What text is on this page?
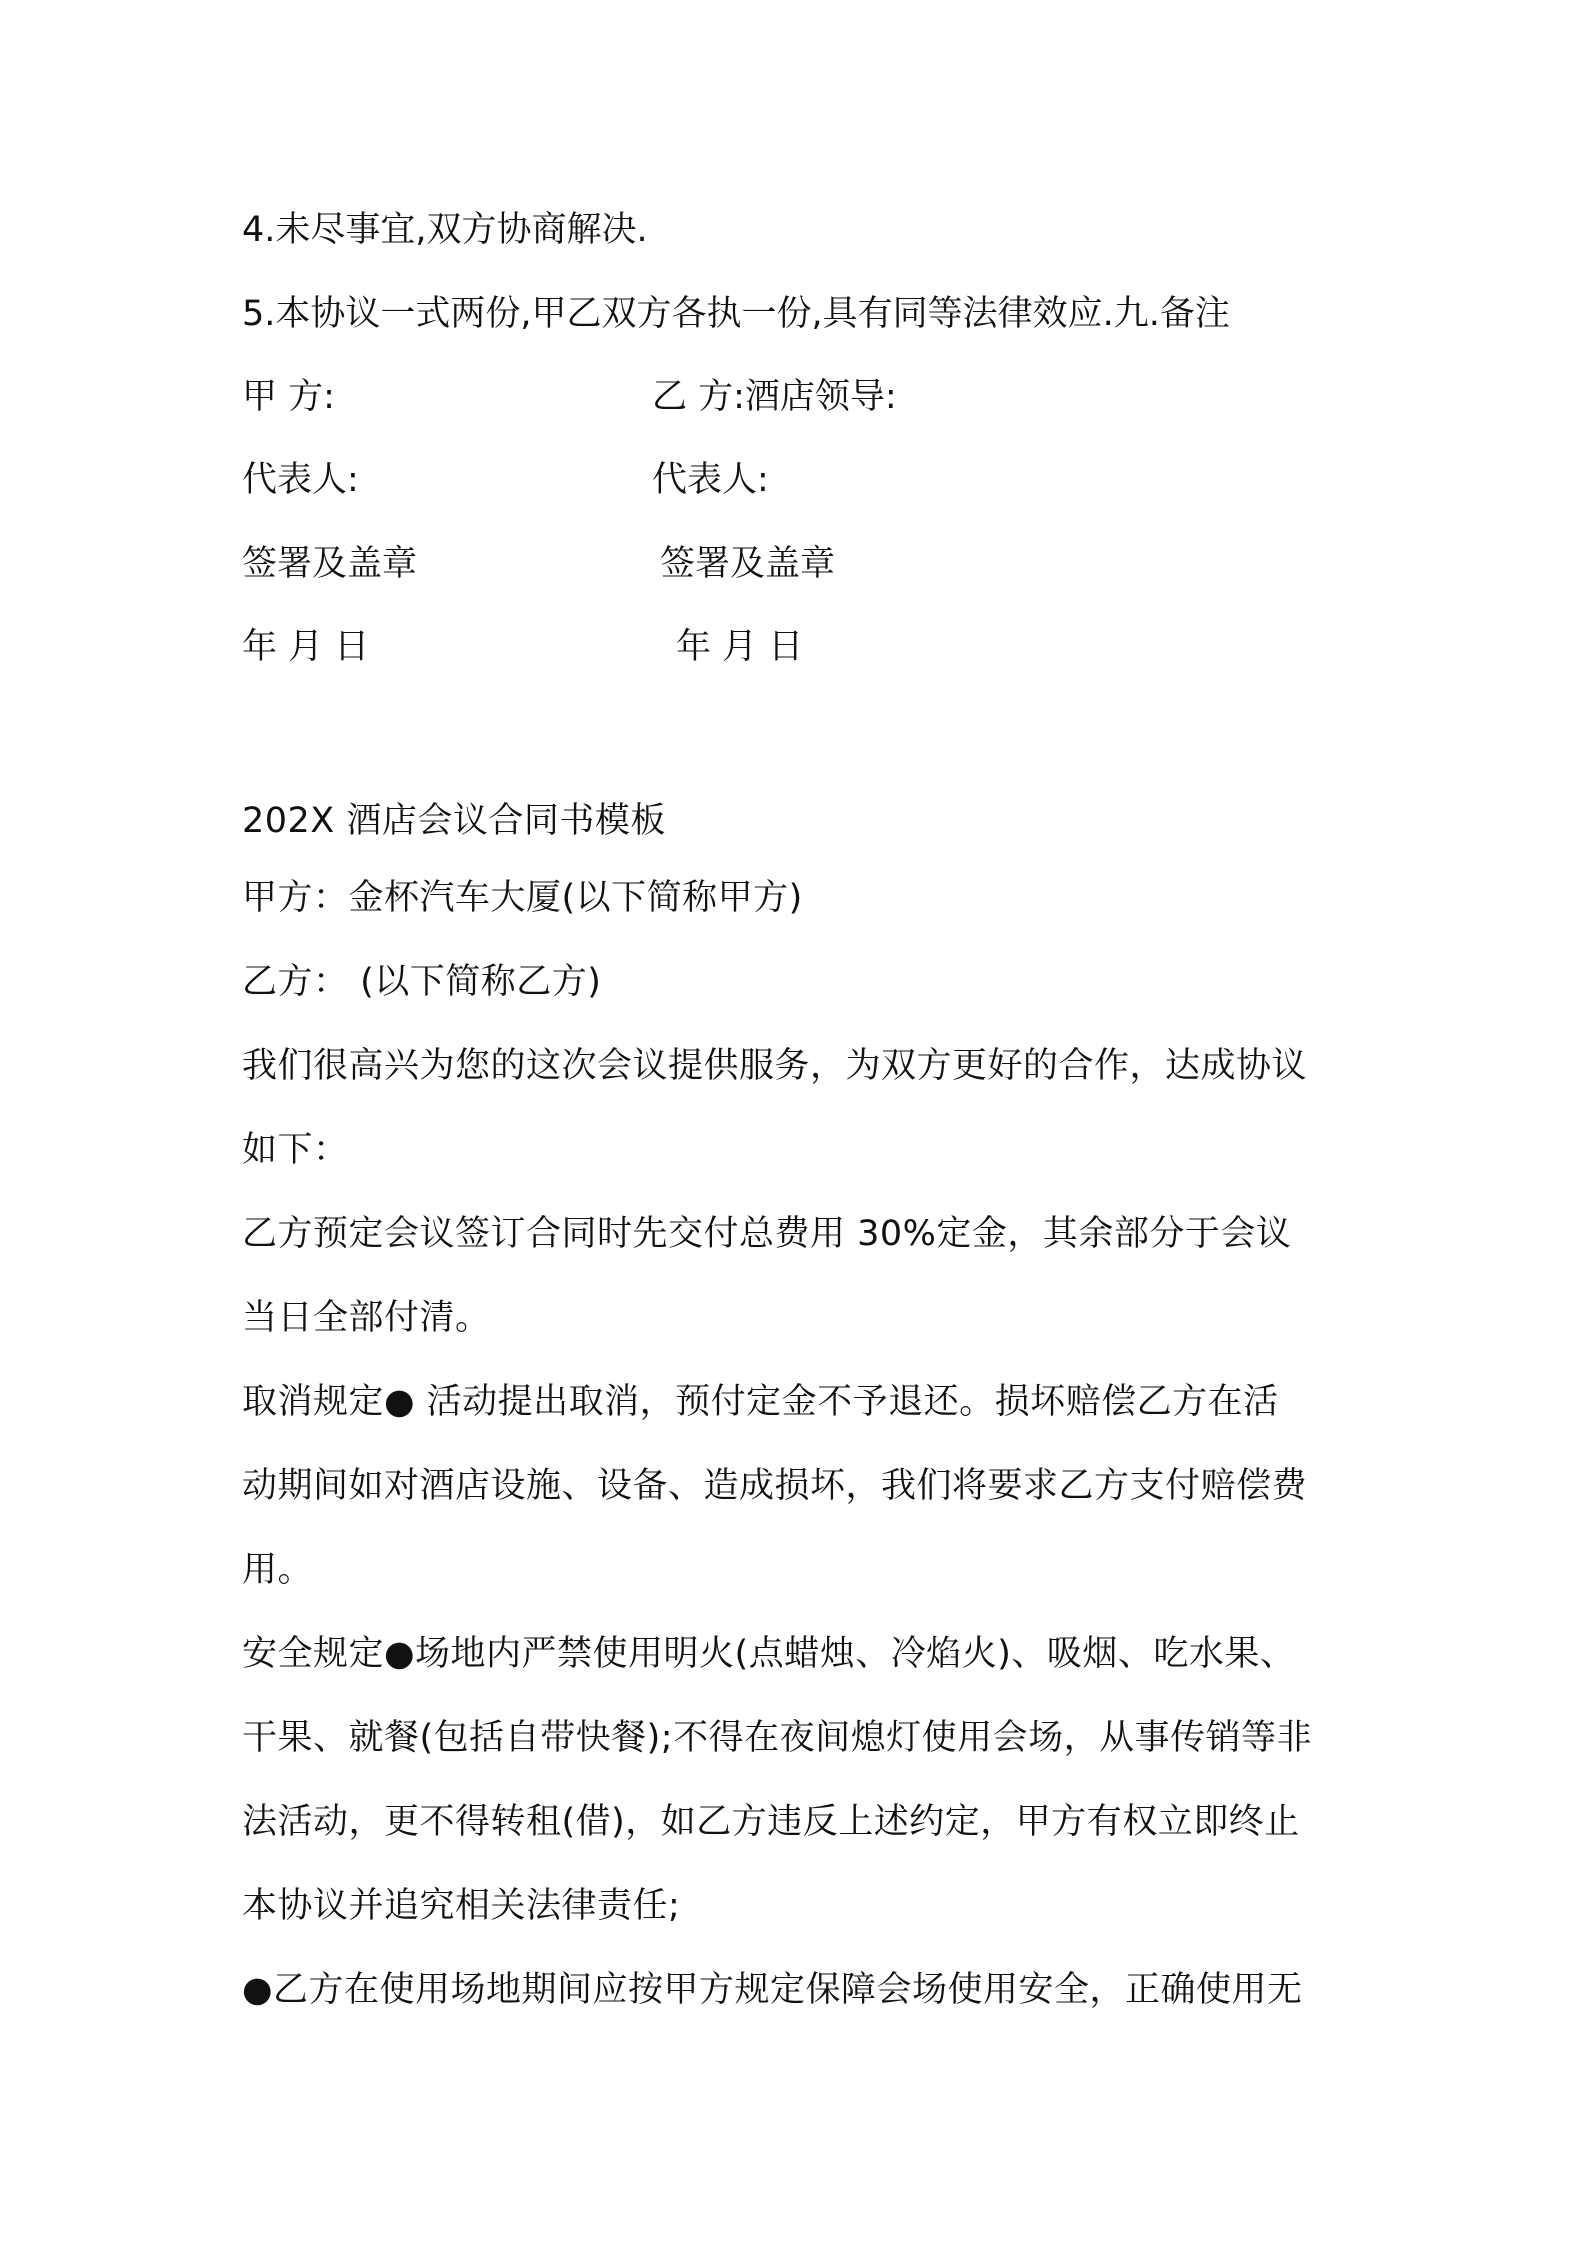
4.未尽事宜,双方协商解决.

5.本协议一式两份,甲乙双方各执一份,具有同等法律效应.九.备注

甲 方:	乙 方:酒店领导:

代表人:	代表人:

签署及盖章	签署及盖章

年 月 日	年 月 日

202X 酒店会议合同书模板

甲方：金杯汽车大厦(以下简称甲方)

乙方： (以下简称乙方)

我们很高兴为您的这次会议提供服务，为双方更好的合作，达成协议

如下：

乙方预定会议签订合同时先交付总费用 30%定金，其余部分于会议

当日全部付清。

取消规定● 活动提出取消，预付定金不予退还。损坏赔偿乙方在活

动期间如对酒店设施、设备、造成损坏，我们将要求乙方支付赔偿费

用。

安全规定●场地内严禁使用明火(点蜡烛、冷焰火)、吸烟、吃水果、

干果、就餐(包括自带快餐);不得在夜间熄灯使用会场，从事传销等非

法活动，更不得转租(借)，如乙方违反上述约定，甲方有权立即终止

本协议并追究相关法律责任;

●乙方在使用场地期间应按甲方规定保障会场使用安全，正确使用无
